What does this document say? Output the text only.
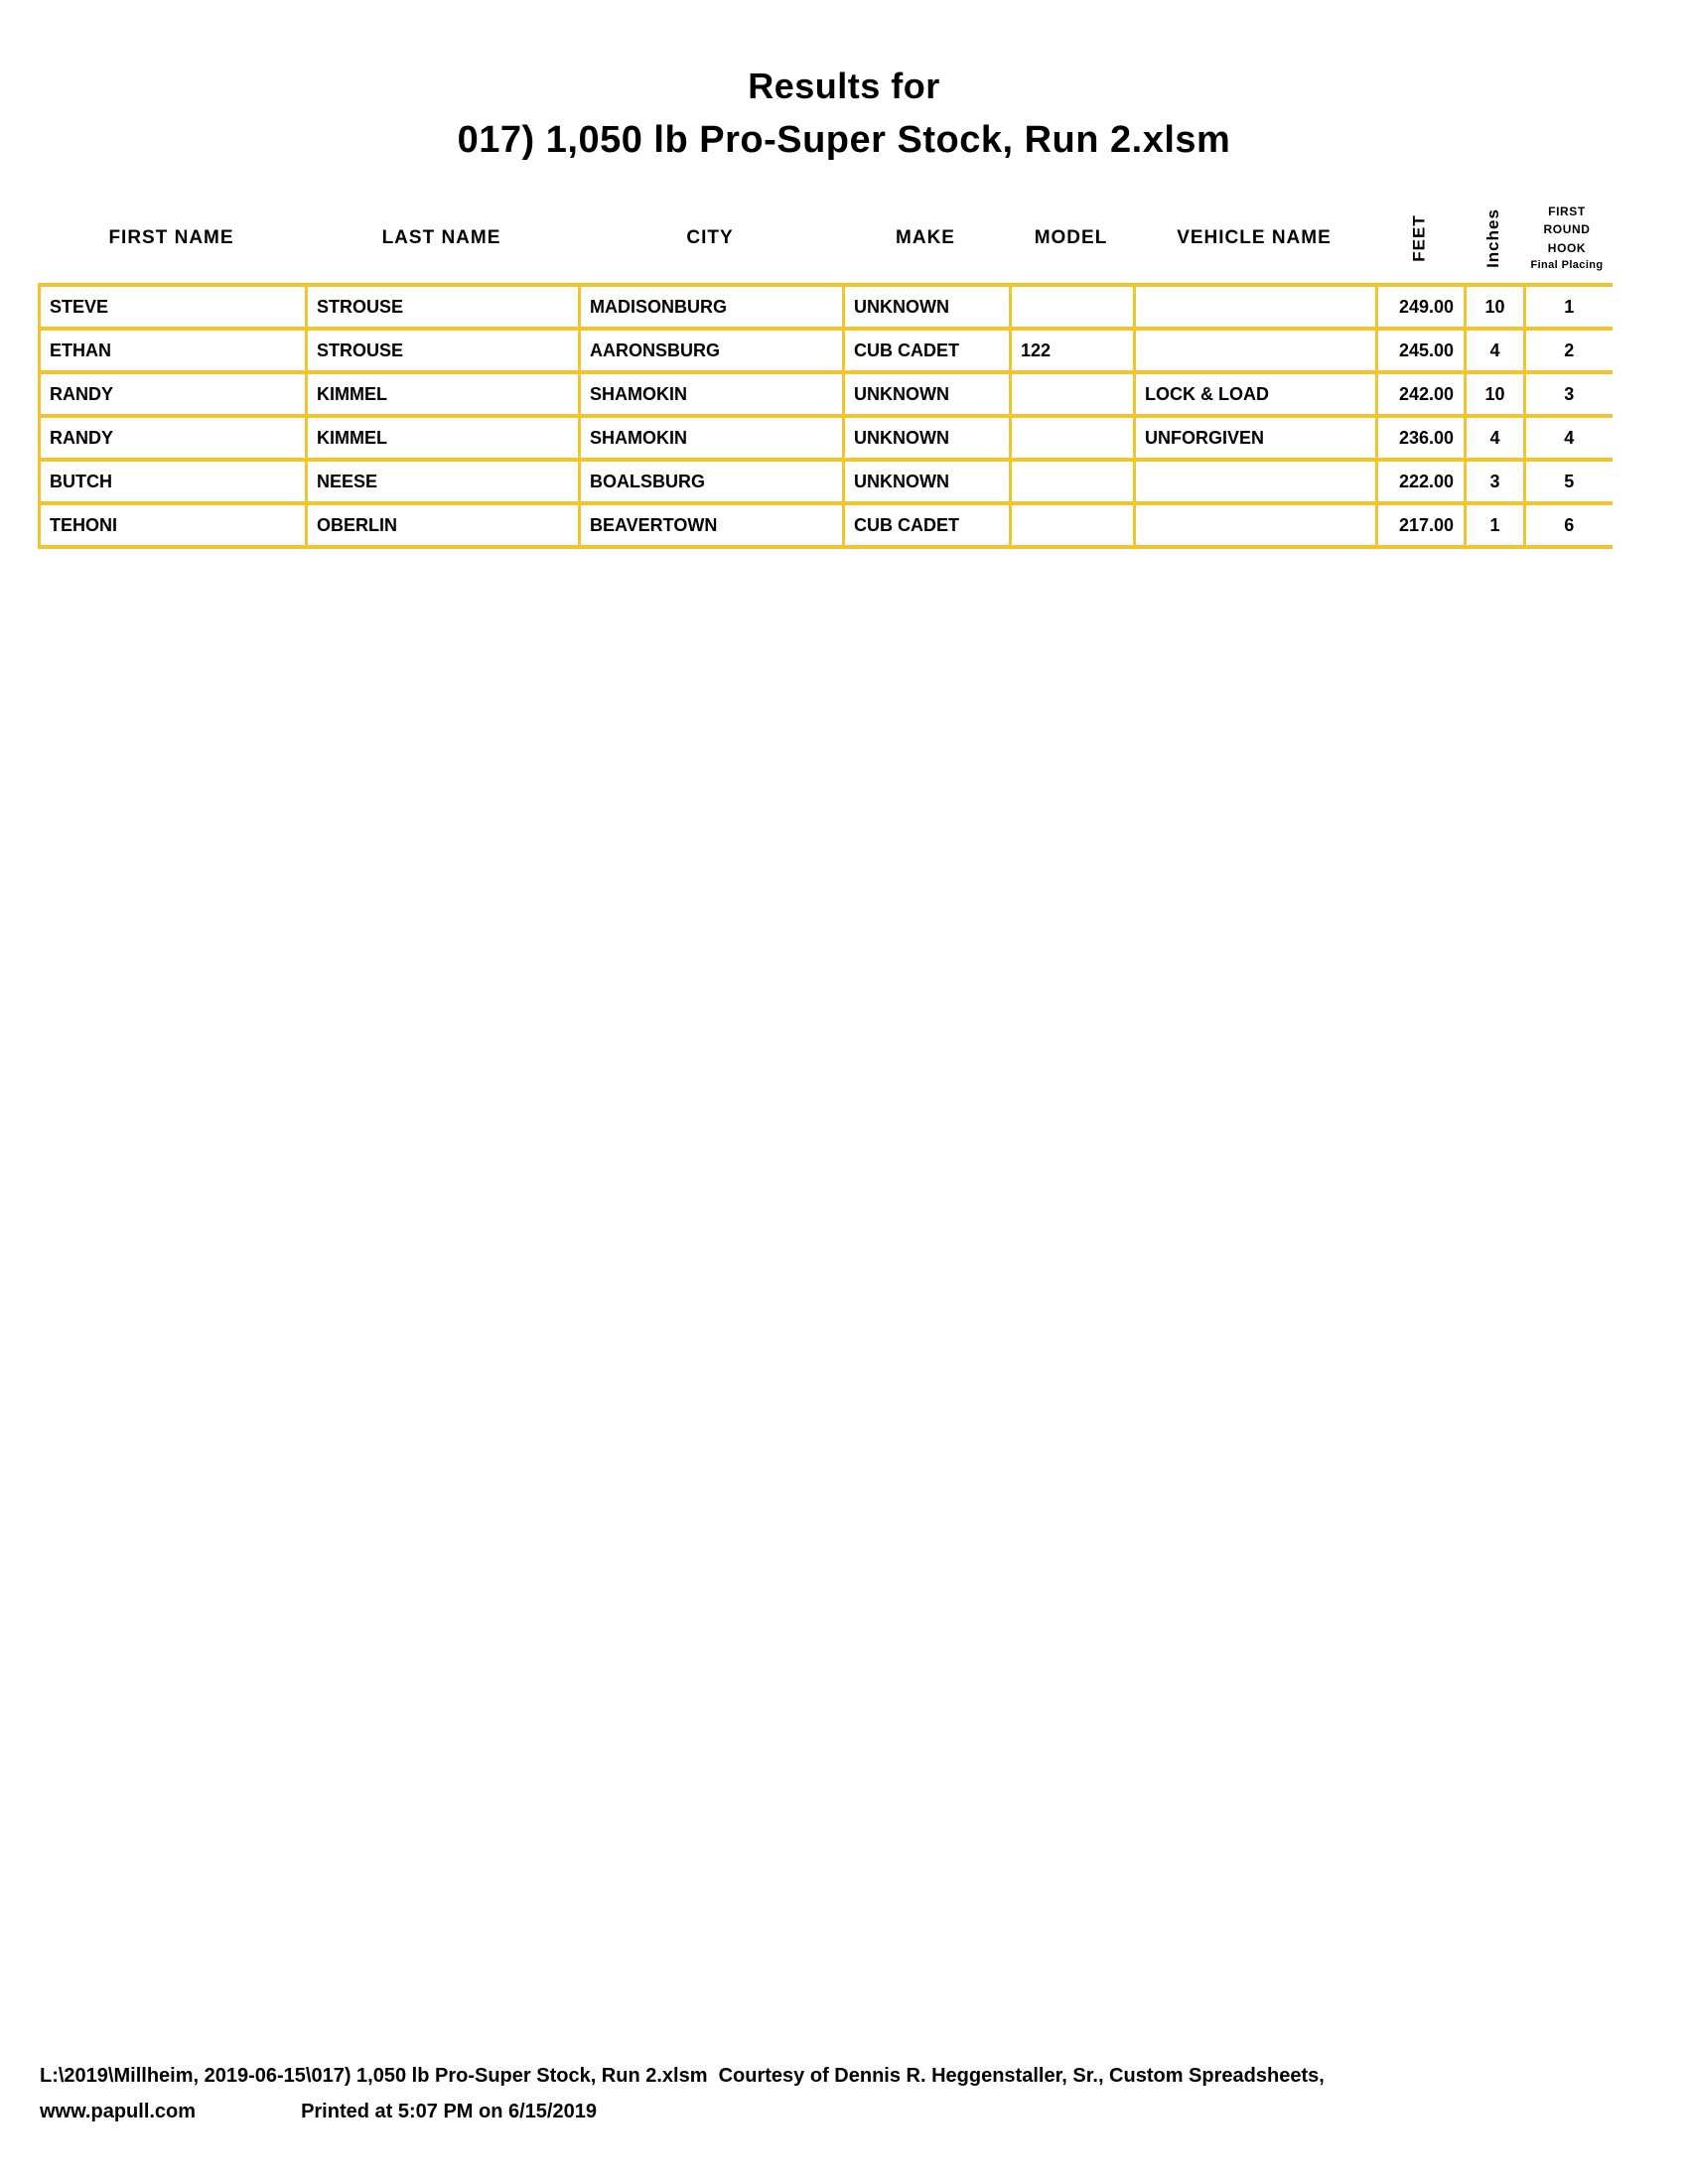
Results for
017) 1,050 lb Pro-Super Stock, Run 2.xlsm
FIRST NAME	LAST NAME	CITY	MAKE	MODEL	VEHICLE NAME	FEET	Inches	FIRST ROUND
HOOK
Final Placing
STEVE	STROUSE	MADISONBURG	UNKNOWN			249.00	10	1
ETHAN	STROUSE	AARONSBURG	CUB CADET	122		245.00	4	2
RANDY	KIMMEL	SHAMOKIN	UNKNOWN		LOCK & LOAD	242.00	10	3
RANDY	KIMMEL	SHAMOKIN	UNKNOWN		UNFORGIVEN	236.00	4	4
BUTCH	NEESE	BOALSBURG	UNKNOWN			222.00	3	5
TEHONI	OBERLIN	BEAVERTOWN	CUB CADET			217.00	1	6
L:\2019\Millheim, 2019-06-15\017) 1,050 lb Pro-Super Stock, Run 2.xlsm  Courtesy of Dennis R. Heggenstaller, Sr., Custom Spreadsheets,
www.papull.com	Printed at 5:07 PM on 6/15/2019
